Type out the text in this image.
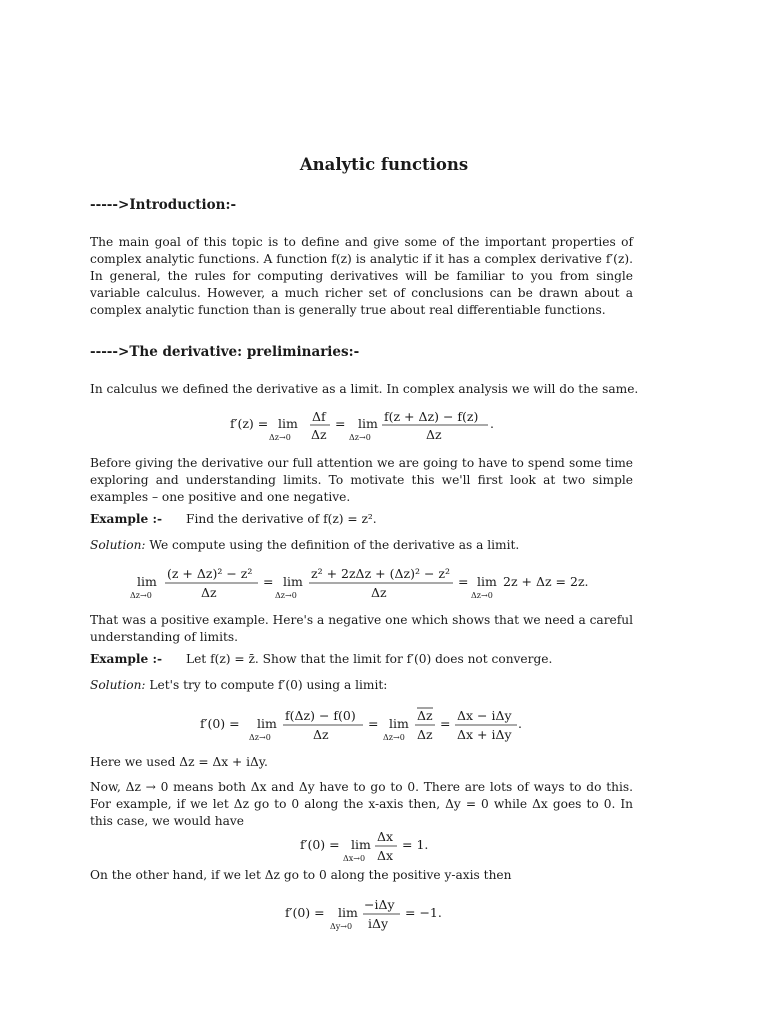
Analytic functions
----->Introduction:-

The main goal of this topic is to define and give some of the important properties of complex analytic functions. A function f(z) is analytic if it has a complex derivative f′(z). In general, the rules for computing derivatives will be familiar to you from single variable calculus. However, a much richer set of conclusions can be drawn about a complex analytic function than is generally true about real differentiable functions.

----->The derivative: preliminaries:-
In calculus we defined the derivative as a limit. In complex analysis we will do the same.
f′(z) = lim
Δz→0
Δf
Δz
= lim
Δz→0
f(z + Δz) − f(z)
Δz
.

Before giving the derivative our full attention we are going to have to spend some time exploring and understanding limits. To motivate this we'll first look at two simple examples – one positive and one negative.

Example :- Find the derivative of f(z) = z².
Solution: We compute using the definition of the derivative as a limit.
lim
Δz→0
(z + Δz)² − z²
Δz
= lim
Δz→0
z² + 2zΔz + (Δz)² − z²
Δz
= lim
Δz→0
2z + Δz = 2z.

That was a positive example. Here's a negative one which shows that we need a careful understanding of limits.

Example :- Let f(z) = z̄. Show that the limit for f′(0) does not converge.
Solution: Let's try to compute f′(0) using a limit:
f′(0) = lim
Δz→0
f(Δz) − f(0)
Δz
= lim
Δz→0
Δz
Δz
=
Δx − iΔy
Δx + iΔy
.
Here we used Δz = Δx + iΔy.

Now, Δz → 0 means both Δx and Δy have to go to 0. There are lots of ways to do this. For example, if we let Δz go to 0 along the x-axis then, Δy = 0 while Δx goes to 0. In this case, we would have

f′(0) = lim
Δx→0
Δx
Δx
= 1.
On the other hand, if we let Δz go to 0 along the positive y-axis then
f′(0) = lim
Δy→0
−iΔy
iΔy
= −1.
